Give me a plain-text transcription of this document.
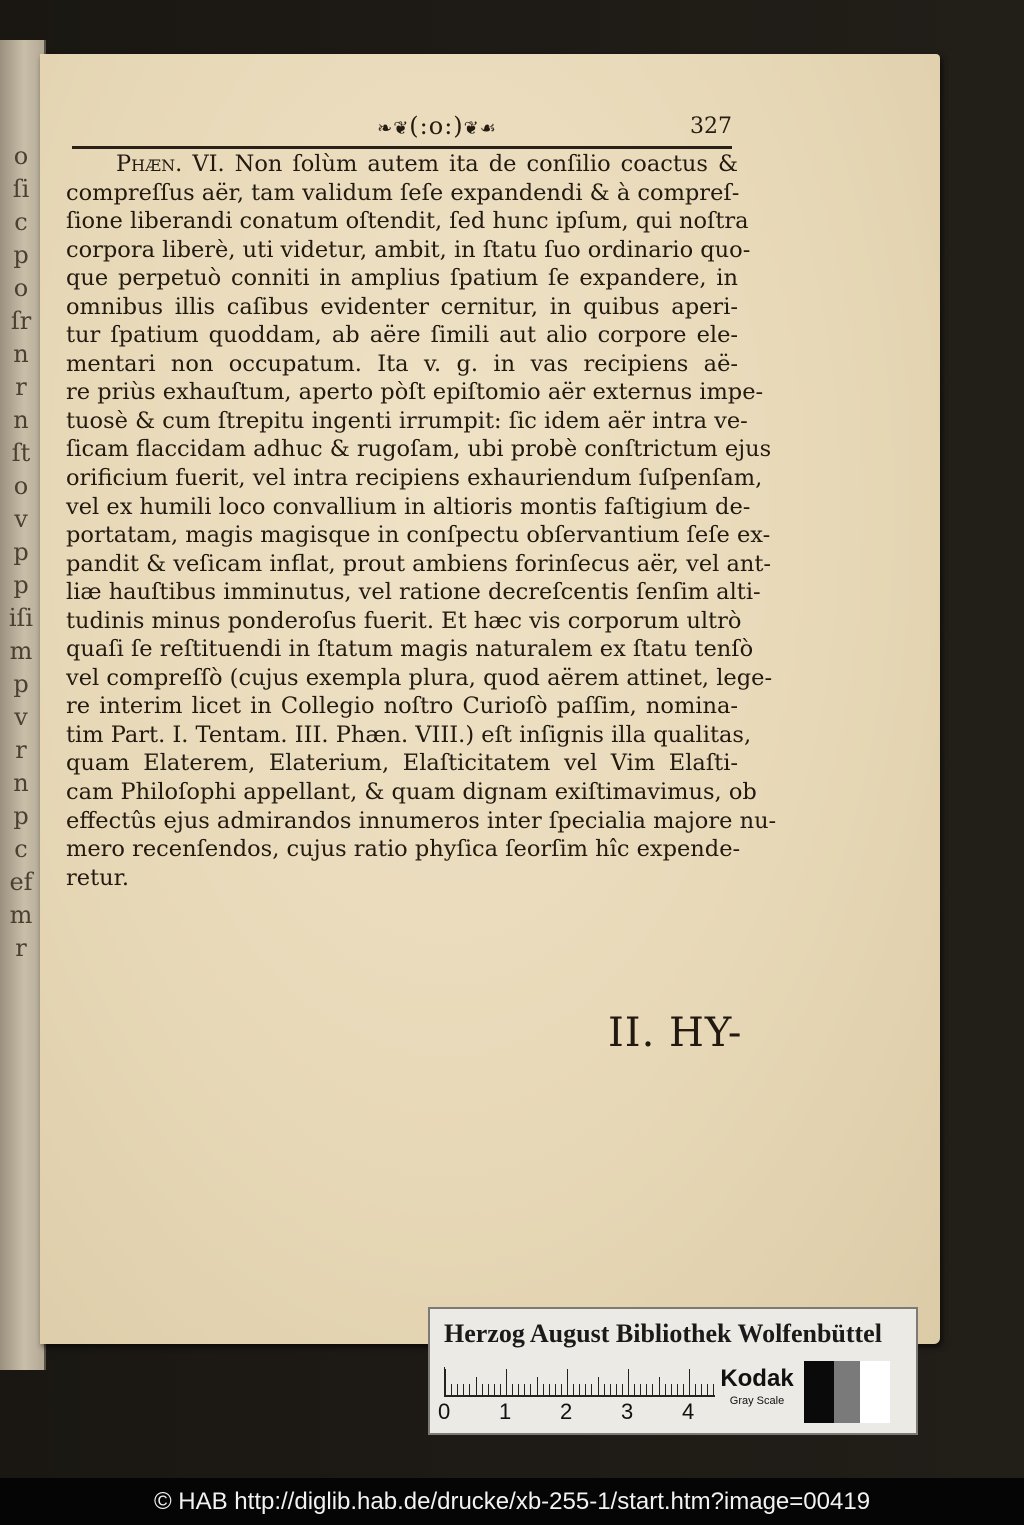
o
ſi
c
p
o
ſr
n
r
n
ſt
o
v
p
p
iſi
m
p
v
r
n
p
c
ef
m
r
❧❦(:o:)❦☙	327
Phæn. VI. Non ſolùm autem ita de conſilio coactus &
compreſſus aër, tam validum ſeſe expandendi & à compreſ-
ſione liberandi conatum oſtendit, ſed hunc ipſum, qui noſtra
corpora liberè, uti videtur, ambit, in ſtatu ſuo ordinario quo-
que perpetuò conniti in amplius ſpatium ſe expandere, in
omnibus illis caſibus evidenter cernitur, in quibus aperi-
tur ſpatium quoddam, ab aëre ſimili aut alio corpore ele-
mentari non occupatum. Ita v. g. in vas recipiens aë-
re priùs exhauſtum, aperto pòſt epiſtomio aër externus impe-
tuosè & cum ſtrepitu ingenti irrumpit: ſic idem aër intra ve-
ſicam flaccidam adhuc & rugoſam, ubi probè conſtrictum ejus
orificium fuerit, vel intra recipiens exhauriendum ſuſpenſam,
vel ex humili loco convallium in altioris montis faſtigium de-
portatam, magis magisque in conſpectu obſervantium ſeſe ex-
pandit & veſicam inflat, prout ambiens forinſecus aër, vel ant-
liæ hauſtibus imminutus, vel ratione decreſcentis ſenſim alti-
tudinis minus ponderoſus fuerit. Et hæc vis corporum ultrò
quaſi ſe reſtituendi in ſtatum magis naturalem ex ſtatu tenſò
vel compreſſò (cujus exempla plura, quod aërem attinet, lege-
re interim licet in Collegio noſtro Curioſò paſſim, nomina-
tim Part. I. Tentam. III. Phæn. VIII.) eſt inſignis illa qualitas,
quam Elaterem, Elaterium, Elaſticitatem vel Vim Elaſti-
cam Philoſophi appellant, & quam dignam exiſtimavimus, ob
effectûs ejus admirandos innumeros inter ſpecialia majore nu-
mero recenſendos, cujus ratio phyſica ſeorſim hîc expende-
retur.
II. HY-
Herzog August Bibliothek Wolfenbüttel
0 1 2 3 4
Kodak
Gray Scale
© HAB http://diglib.hab.de/drucke/xb-255-1/start.htm?image=00419
